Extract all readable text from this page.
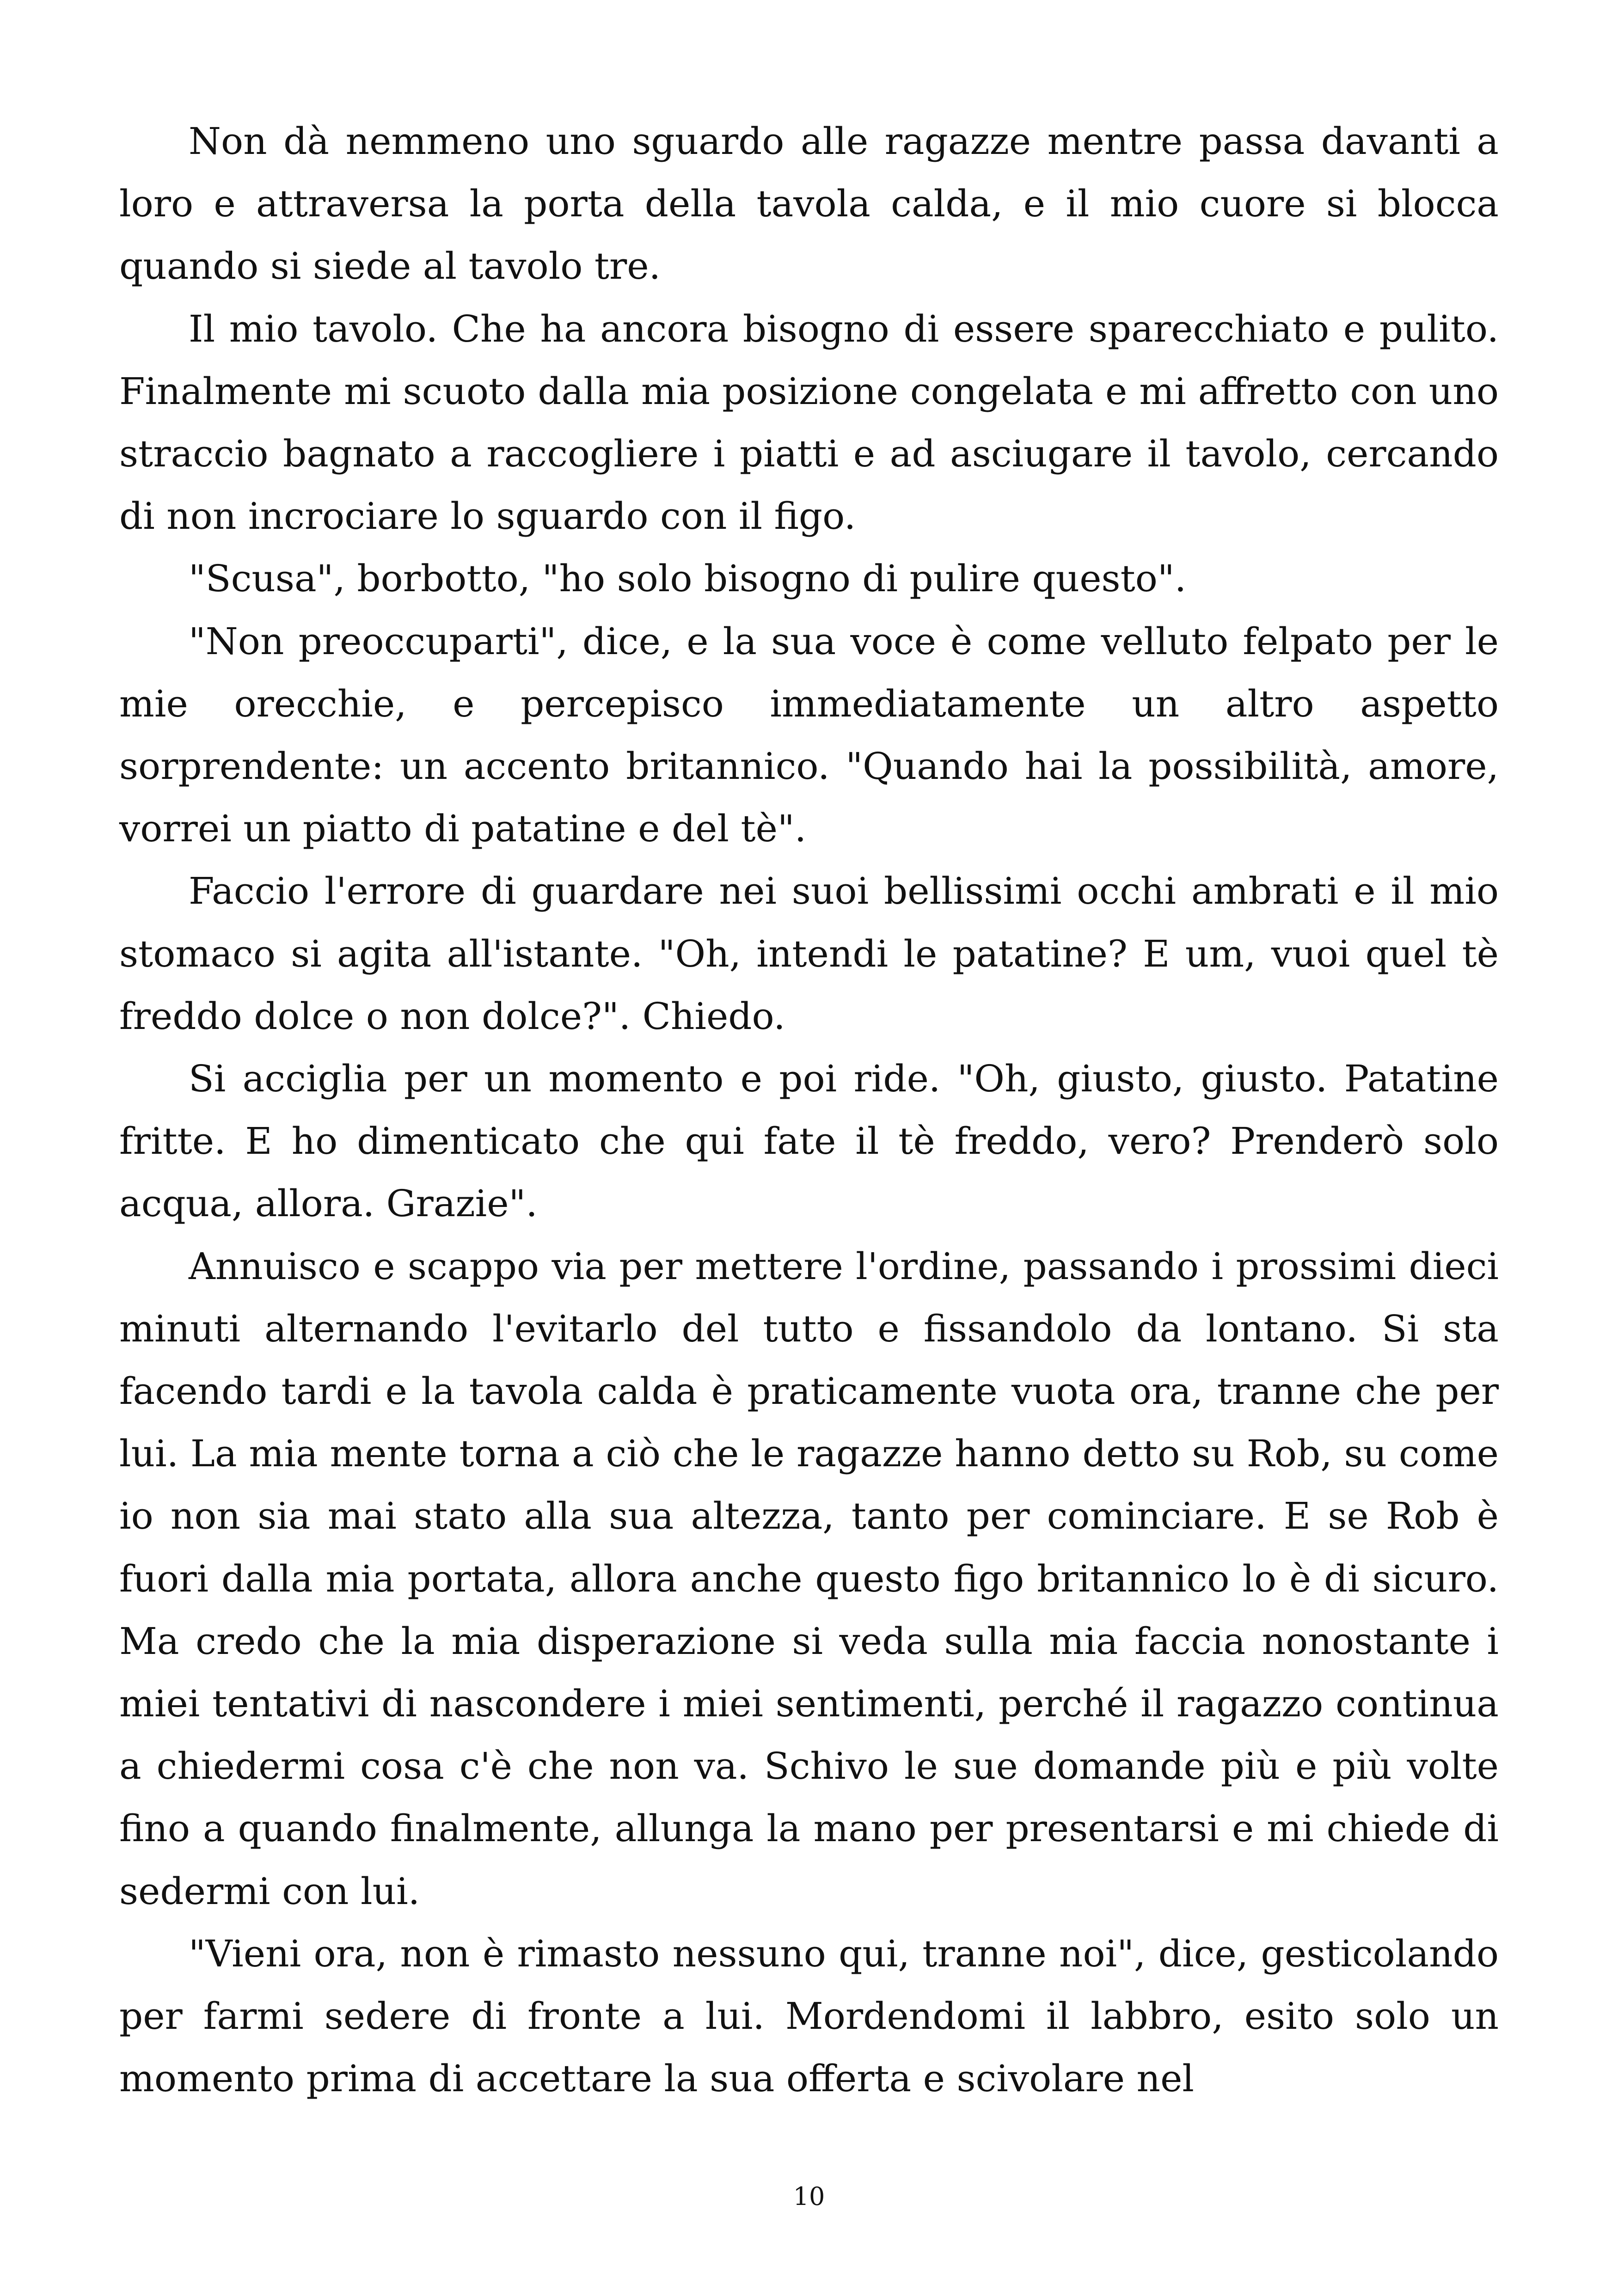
Non dà nemmeno uno sguardo alle ragazze mentre passa davanti a loro e attraversa la porta della tavola calda, e il mio cuore si blocca quando si siede al tavolo tre.

Il mio tavolo. Che ha ancora bisogno di essere sparecchiato e pulito. Finalmente mi scuoto dalla mia posizione congelata e mi affretto con uno straccio bagnato a raccogliere i piatti e ad asciugare il tavolo, cercando di non incrociare lo sguardo con il figo.

"Scusa", borbotto, "ho solo bisogno di pulire questo".

"Non preoccuparti", dice, e la sua voce è come velluto felpato per le mie orecchie, e percepisco immediatamente un altro aspetto sorprendente: un accento britannico. "Quando hai la possibilità, amore, vorrei un piatto di patatine e del tè".

Faccio l'errore di guardare nei suoi bellissimi occhi ambrati e il mio stomaco si agita all'istante. "Oh, intendi le patatine? E um, vuoi quel tè freddo dolce o non dolce?". Chiedo.

Si acciglia per un momento e poi ride. "Oh, giusto, giusto. Patatine fritte. E ho dimenticato che qui fate il tè freddo, vero? Prenderò solo acqua, allora. Grazie".

Annuisco e scappo via per mettere l'ordine, passando i prossimi dieci minuti alternando l'evitarlo del tutto e fissandolo da lontano. Si sta facendo tardi e la tavola calda è praticamente vuota ora, tranne che per lui. La mia mente torna a ciò che le ragazze hanno detto su Rob, su come io non sia mai stato alla sua altezza, tanto per cominciare. E se Rob è fuori dalla mia portata, allora anche questo figo britannico lo è di sicuro. Ma credo che la mia disperazione si veda sulla mia faccia nonostante i miei tentativi di nascondere i miei sentimenti, perché il ragazzo continua a chiedermi cosa c'è che non va. Schivo le sue domande più e più volte fino a quando finalmente, allunga la mano per presentarsi e mi chiede di sedermi con lui.

"Vieni ora, non è rimasto nessuno qui, tranne noi", dice, gesticolando per farmi sedere di fronte a lui. Mordendomi il labbro, esito solo un momento prima di accettare la sua offerta e scivolare nel

10
